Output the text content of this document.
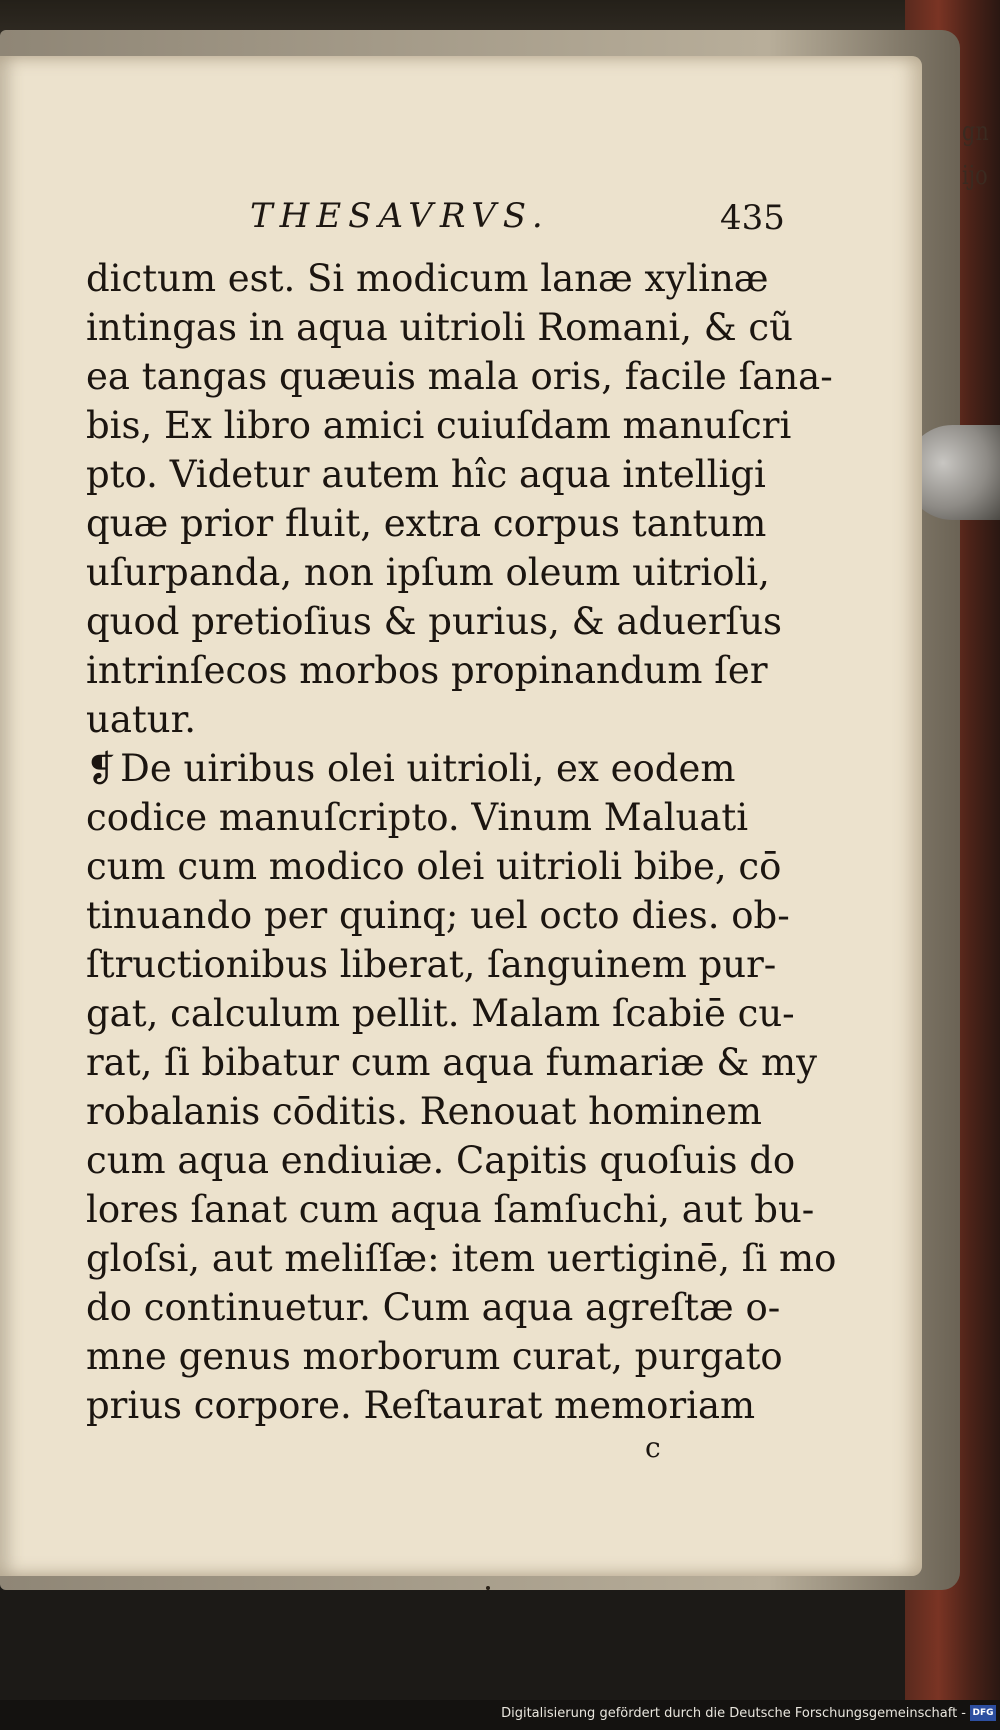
gn
ijo
THESAVRVS.	435
dictum est. Si modicum lanæ xylinæ
intingas in aqua uitrioli Romani, & cũ
ea tangas quæuis mala oris, facile ſana-
bis, Ex libro amici cuiuſdam manuſcri
pto. Videtur autem hîc aqua intelligi
quæ prior fluit, extra corpus tantum
uſurpanda, non ipſum oleum uitrioli,
quod pretioſius & purius, & aduerſus
intrinſecos morbos propinandum ſer
uatur.
❡ De uiribus olei uitrioli, ex eodem
codice manuſcripto. Vinum Maluati
cum cum modico olei uitrioli bibe, cō
tinuando per quinq; uel octo dies. ob-
ſtructionibus liberat, ſanguinem pur-
gat, calculum pellit. Malam ſcabiē cu-
rat, ſi bibatur cum aqua fumariæ & my
robalanis cōditis. Renouat hominem
cum aqua endiuiæ. Capitis quoſuis do
lores ſanat cum aqua ſamſuchi, aut bu-
gloſsi, aut meliſſæ: item uertiginē, ſi mo
do continuetur. Cum aqua agreſtæ o-
mne genus morborum curat, purgato
prius corpore. Reſtaurat memoriam
c
Digitalisierung gefördert durch die Deutsche Forschungsgemeinschaft - DFG
